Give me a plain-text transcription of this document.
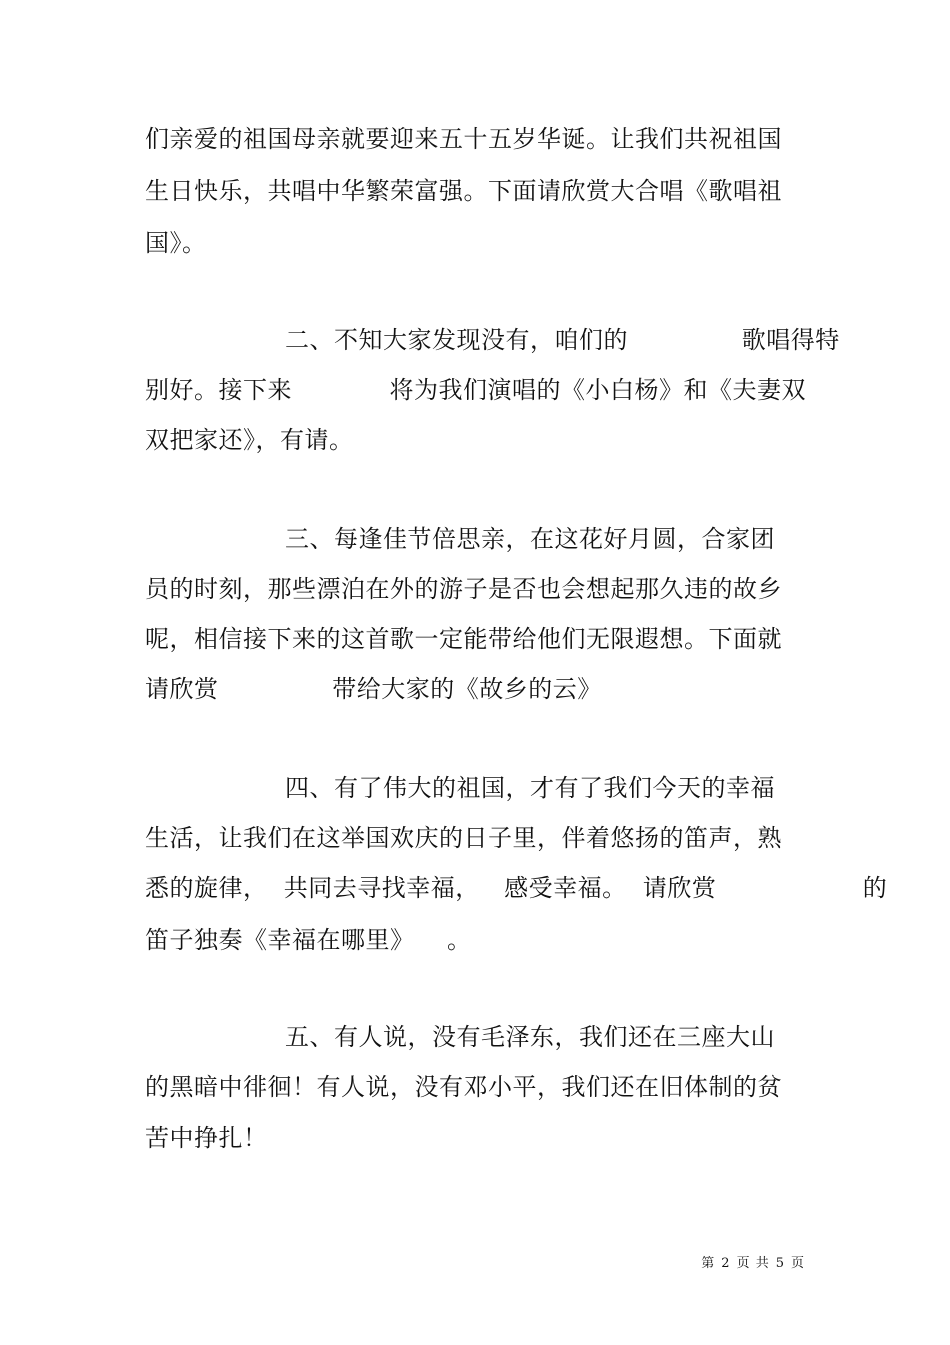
们亲爱的祖国母亲就要迎来五十五岁华诞。让我们共祝祖国
生日快乐，共唱中华繁荣富强。下面请欣赏大合唱《歌唱祖
国》。
二、不知大家发现没有，咱们的              歌唱得特
别好。接下来            将为我们演唱的《小白杨》和《夫妻双
双把家还》，有请。
三、每逢佳节倍思亲，在这花好月圆，合家团
员的时刻，那些漂泊在外的游子是否也会想起那久违的故乡
呢，相信接下来的这首歌一定能带给他们无限遐想。下面就
请欣赏              带给大家的《故乡的云》
四、有了伟大的祖国，才有了我们今天的幸福
生活，让我们在这举国欢庆的日子里，伴着悠扬的笛声，熟
悉的旋律，  共同去寻找幸福，   感受幸福。  请欣赏                  的
笛子独奏《幸福在哪里》    。
五、有人说，没有毛泽东，我们还在三座大山
的黑暗中徘徊！有人说，没有邓小平，我们还在旧体制的贫
苦中挣扎！
第 2 页 共 5 页
